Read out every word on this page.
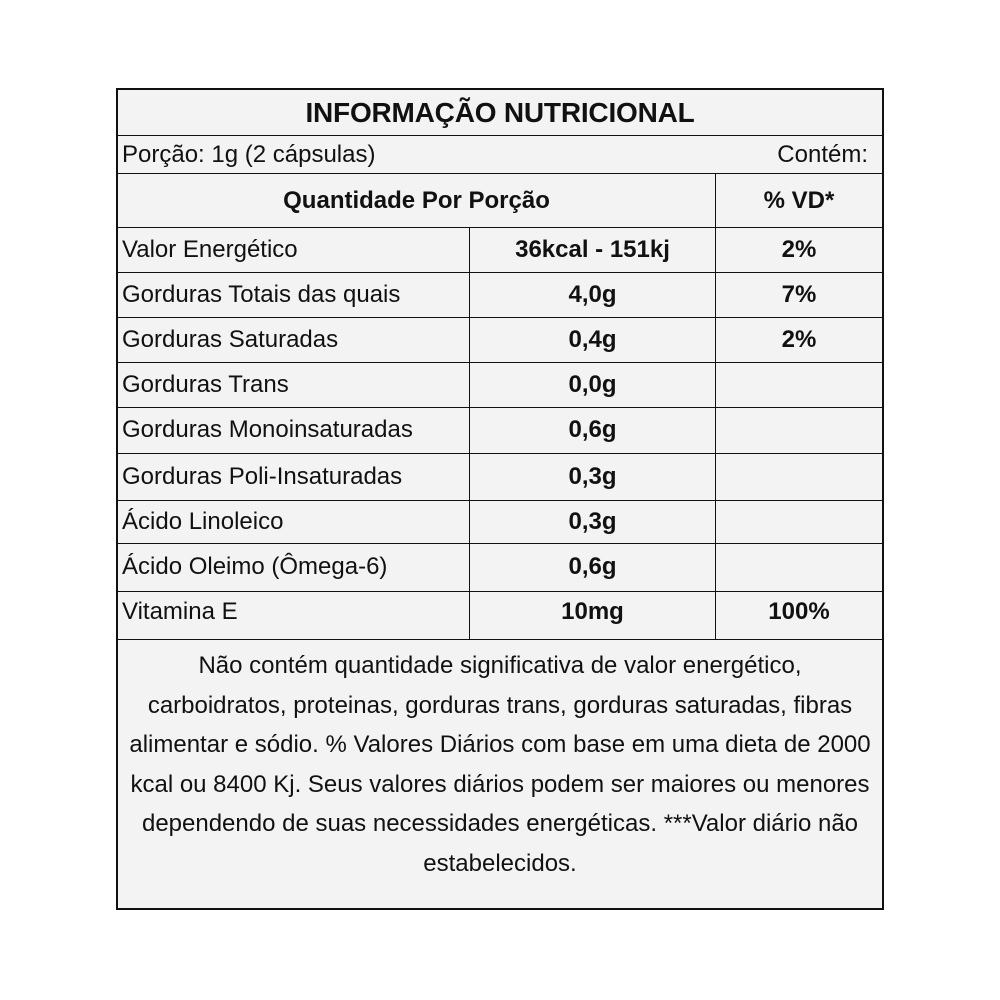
INFORMAÇÃO NUTRICIONAL
Porção: 1g (2 cápsulas)	Contém:
Quantidade Por Porção	% VD*
Valor Energético	36kcal - 151kj	2%
Gorduras Totais das quais	4,0g	7%
Gorduras Saturadas	0,4g	2%
Gorduras Trans	0,0g
Gorduras Monoinsaturadas	0,6g
Gorduras Poli-Insaturadas	0,3g
Ácido Linoleico	0,3g
Ácido Oleimo (Ômega-6)	0,6g
Vitamina E	10mg	100%
Não contém quantidade significativa de valor energético, carboidratos, proteinas, gorduras trans, gorduras saturadas, fibras alimentar e sódio. % Valores Diários com base em uma dieta de 2000 kcal ou 8400 Kj. Seus valores diários podem ser maiores ou menores dependendo de suas necessidades energéticas. ***Valor diário não estabelecidos.
